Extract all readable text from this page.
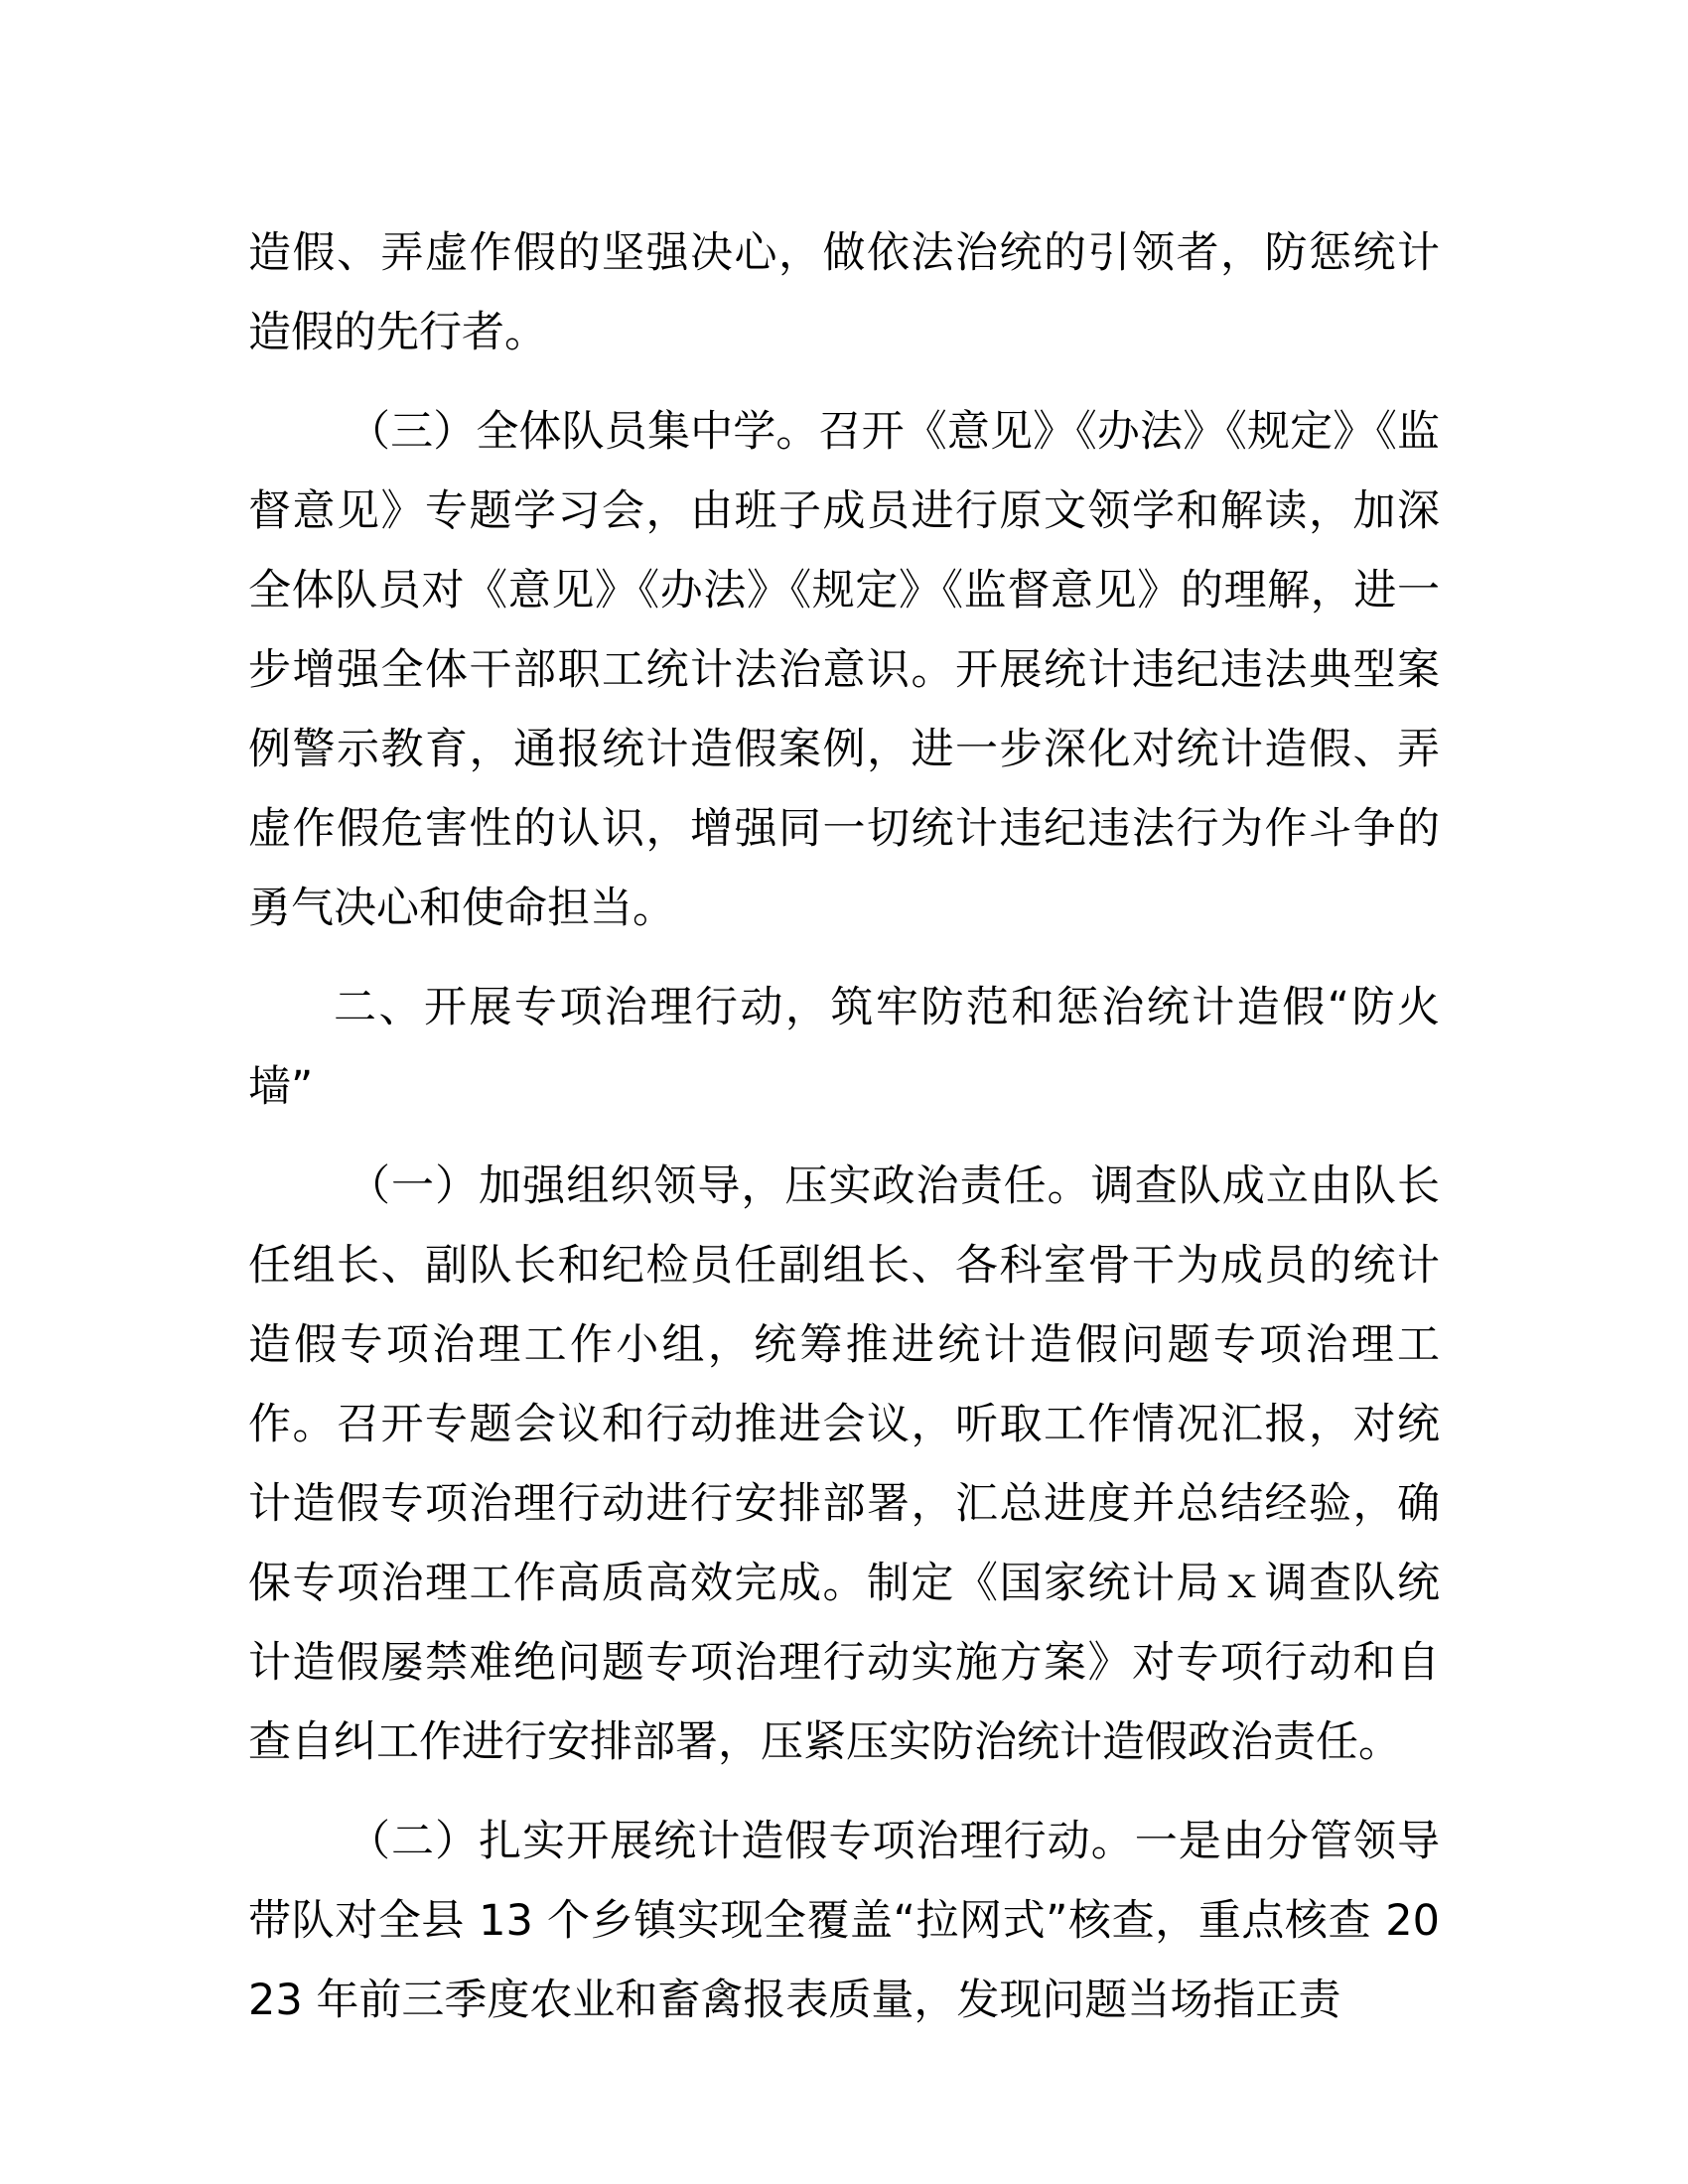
造假、弄虚作假的坚强决心，做依法治统的引领者，防惩统计造假的先行者。

（三）全体队员集中学。召开《意见》《办法》《规定》《监督意见》专题学习会，由班子成员进行原文领学和解读，加深全体队员对《意见》《办法》《规定》《监督意见》的理解，进一步增强全体干部职工统计法治意识。开展统计违纪违法典型案例警示教育，通报统计造假案例，进一步深化对统计造假、弄虚作假危害性的认识，增强同一切统计违纪违法行为作斗争的勇气决心和使命担当。

二、开展专项治理行动，筑牢防范和惩治统计造假“防火墙”

（一）加强组织领导，压实政治责任。调查队成立由队长任组长、副队长和纪检员任副组长、各科室骨干为成员的统计造假专项治理工作小组，统筹推进统计造假问题专项治理工作。召开专题会议和行动推进会议，听取工作情况汇报，对统计造假专项治理行动进行安排部署，汇总进度并总结经验，确保专项治理工作高质高效完成。制定《国家统计局ｘ调查队统计造假屡禁难绝问题专项治理行动实施方案》对专项行动和自查自纠工作进行安排部署，压紧压实防治统计造假政治责任。

（二）扎实开展统计造假专项治理行动。一是由分管领导带队对全县 13 个乡镇实现全覆盖“拉网式”核查，重点核查 2023 年前三季度农业和畜禽报表质量，发现问题当场指正责
